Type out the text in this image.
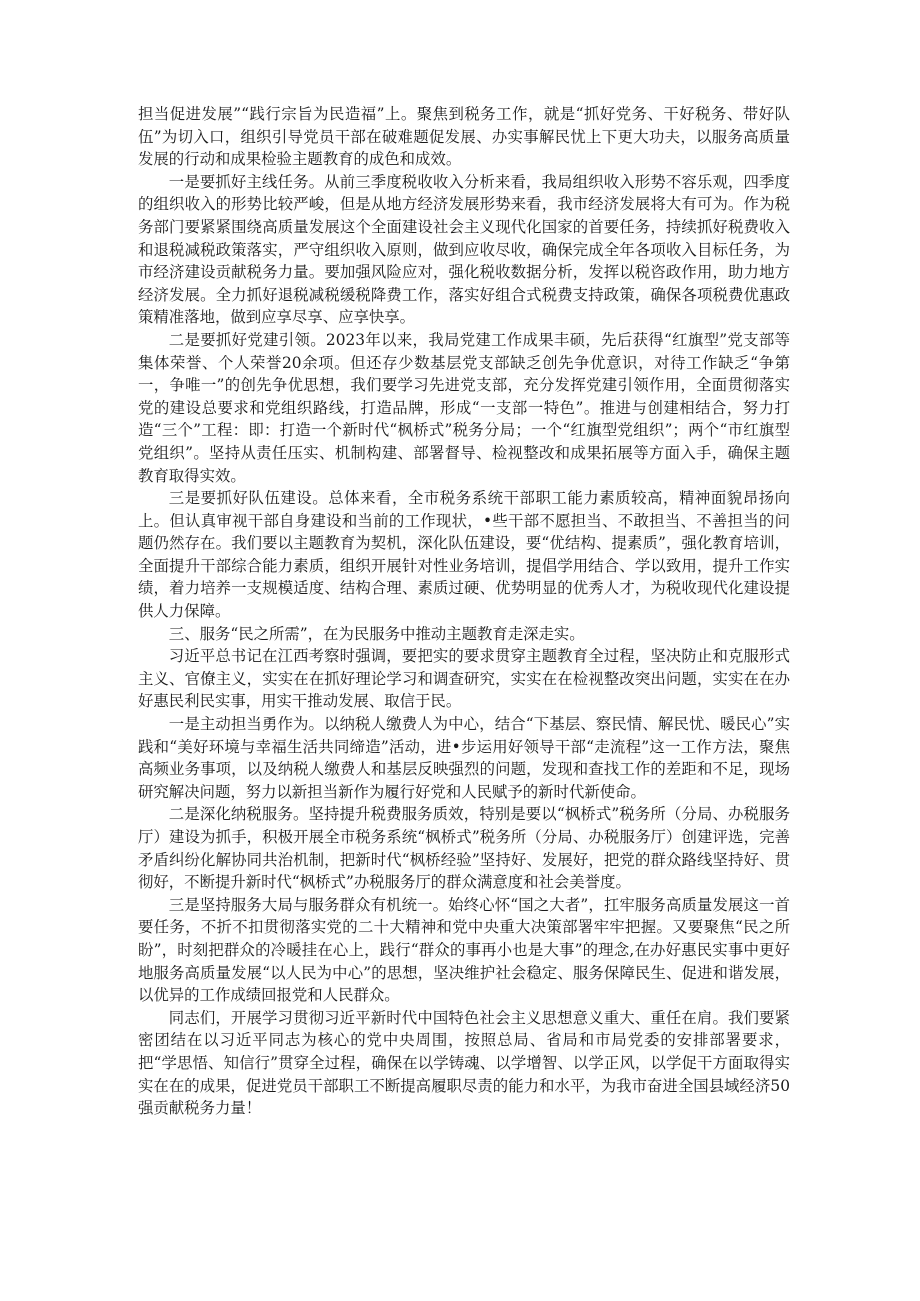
担当促进发展”“践行宗旨为民造福”上。聚焦到税务工作，就是“抓好党务、干好税务、带好队伍”为切入口，组织引导党员干部在破难题促发展、办实事解民忧上下更大功夫，以服务高质量发展的行动和成果检验主题教育的成色和成效。

一是要抓好主线任务。从前三季度税收收入分析来看，我局组织收入形势不容乐观，四季度的组织收入的形势比较严峻，但是从地方经济发展形势来看，我市经济发展将大有可为。作为税务部门要紧紧围绕高质量发展这个全面建设社会主义现代化国家的首要任务，持续抓好税费收入和退税减税政策落实，严守组织收入原则，做到应收尽收，确保完成全年各项收入目标任务，为市经济建设贡献税务力量。要加强风险应对，强化税收数据分析，发挥以税咨政作用，助力地方经济发展。全力抓好退税减税缓税降费工作，落实好组合式税费支持政策，确保各项税费优惠政策精准落地，做到应享尽享、应享快享。

二是要抓好党建引领。2023年以来，我局党建工作成果丰硕，先后获得“红旗型”党支部等集体荣誉、个人荣誉20余项。但还存少数基层党支部缺乏创先争优意识，对待工作缺乏“争第一，争唯一”的创先争优思想，我们要学习先进党支部，充分发挥党建引领作用，全面贯彻落实党的建设总要求和党组织路线，打造品牌，形成“一支部一特色”。推进与创建相结合，努力打造“三个”工程：即：打造一个新时代“枫桥式”税务分局；一个“红旗型党组织”；两个“市红旗型党组织”。坚持从责任压实、机制构建、部署督导、检视整改和成果拓展等方面入手，确保主题教育取得实效。

三是要抓好队伍建设。总体来看，全市税务系统干部职工能力素质较高，精神面貌昂扬向上。但认真审视干部自身建设和当前的工作现状，•些干部不愿担当、不敢担当、不善担当的问题仍然存在。我们要以主题教育为契机，深化队伍建设，要“优结构、提素质”，强化教育培训，全面提升干部综合能力素质，组织开展针对性业务培训，提倡学用结合、学以致用，提升工作实绩，着力培养一支规模适度、结构合理、素质过硬、优势明显的优秀人才，为税收现代化建设提供人力保障。

三、服务“民之所需”，在为民服务中推动主题教育走深走实。

习近平总书记在江西考察时强调，要把实的要求贯穿主题教育全过程，坚决防止和克服形式主义、官僚主义，实实在在抓好理论学习和调查研究，实实在在检视整改突出问题，实实在在办好惠民利民实事，用实干推动发展、取信于民。

一是主动担当勇作为。以纳税人缴费人为中心，结合“下基层、察民情、解民忧、暖民心”实践和“美好环境与幸福生活共同缔造”活动，进•步运用好领导干部“走流程”这一工作方法，聚焦高频业务事项，以及纳税人缴费人和基层反映强烈的问题，发现和查找工作的差距和不足，现场研究解决问题，努力以新担当新作为履行好党和人民赋予的新时代新使命。

二是深化纳税服务。坚持提升税费服务质效，特别是要以“枫桥式”税务所（分局、办税服务厅）建设为抓手，积极开展全市税务系统“枫桥式”税务所（分局、办税服务厅）创建评选，完善矛盾纠纷化解协同共治机制，把新时代“枫桥经验”坚持好、发展好，把党的群众路线坚持好、贯彻好，不断提升新时代“枫桥式”办税服务厅的群众满意度和社会美誉度。

三是坚持服务大局与服务群众有机统一。始终心怀“国之大者”，扛牢服务高质量发展这一首要任务，不折不扣贯彻落实党的二十大精神和党中央重大决策部署牢牢把握。又要聚焦“民之所盼”，时刻把群众的冷暖挂在心上，践行“群众的事再小也是大事”的理念,在办好惠民实事中更好地服务高质量发展“以人民为中心”的思想，坚决维护社会稳定、服务保障民生、促进和谐发展，以优异的工作成绩回报党和人民群众。

同志们，开展学习贯彻习近平新时代中国特色社会主义思想意义重大、重任在肩。我们要紧密团结在以习近平同志为核心的党中央周围，按照总局、省局和市局党委的安排部署要求，把“学思悟、知信行”贯穿全过程，确保在以学铸魂、以学增智、以学正风，以学促干方面取得实实在在的成果，促进党员干部职工不断提高履职尽责的能力和水平，为我市奋进全国县域经济50强贡献税务力量！
